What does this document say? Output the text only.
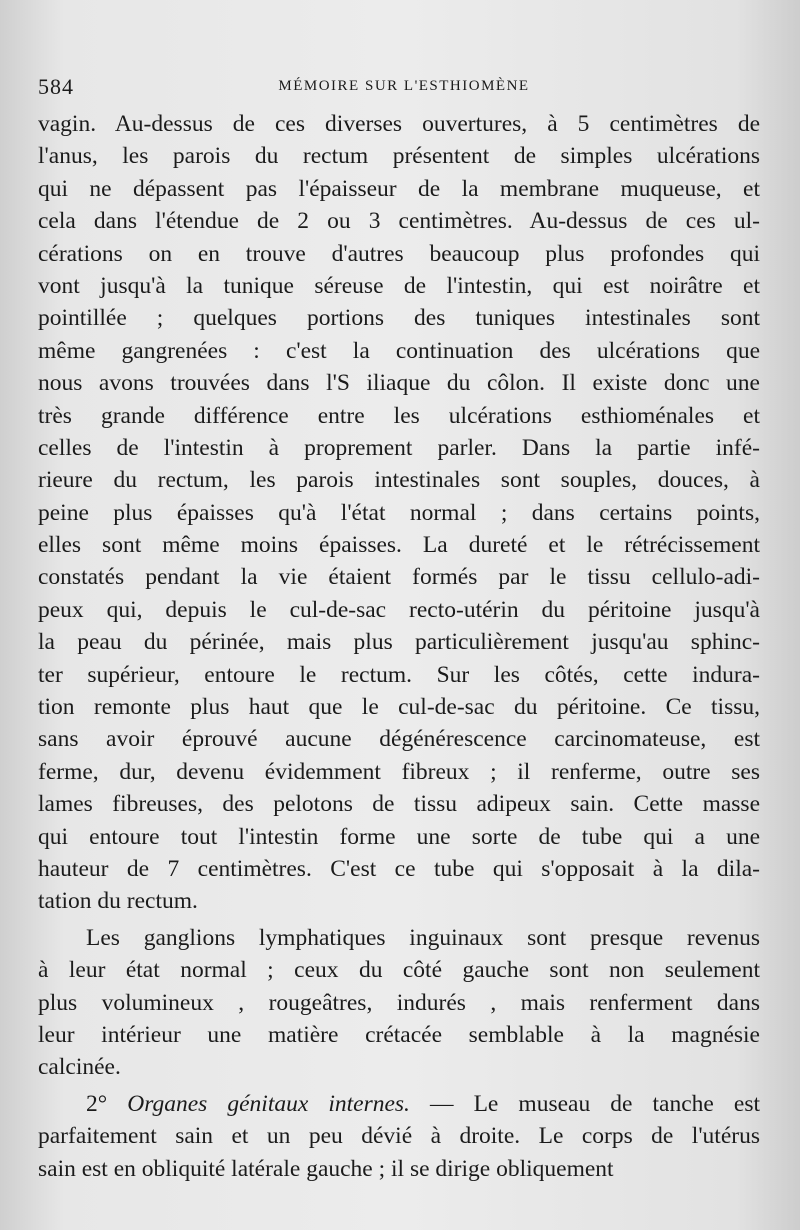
584	MÉMOIRE SUR L'ESTHIOMÈNE
vagin. Au-dessus de ces diverses ouvertures, à 5 centimètres de
l'anus, les parois du rectum présentent de simples ulcérations
qui ne dépassent pas l'épaisseur de la membrane muqueuse, et
cela dans l'étendue de 2 ou 3 centimètres. Au-dessus de ces ul-
cérations on en trouve d'autres beaucoup plus profondes qui
vont jusqu'à la tunique séreuse de l'intestin, qui est noirâtre et
pointillée ; quelques portions des tuniques intestinales sont
même gangrenées : c'est la continuation des ulcérations que
nous avons trouvées dans l'S iliaque du côlon. Il existe donc une
très grande différence entre les ulcérations esthioménales et
celles de l'intestin à proprement parler. Dans la partie infé-
rieure du rectum, les parois intestinales sont souples, douces, à
peine plus épaisses qu'à l'état normal ; dans certains points,
elles sont même moins épaisses. La dureté et le rétrécissement
constatés pendant la vie étaient formés par le tissu cellulo-adi-
peux qui, depuis le cul-de-sac recto-utérin du péritoine jusqu'à
la peau du périnée, mais plus particulièrement jusqu'au sphinc-
ter supérieur, entoure le rectum. Sur les côtés, cette indura-
tion remonte plus haut que le cul-de-sac du péritoine. Ce tissu,
sans avoir éprouvé aucune dégénérescence carcinomateuse, est
ferme, dur, devenu évidemment fibreux ; il renferme, outre ses
lames fibreuses, des pelotons de tissu adipeux sain. Cette masse
qui entoure tout l'intestin forme une sorte de tube qui a une
hauteur de 7 centimètres. C'est ce tube qui s'opposait à la dila-
tation du rectum.
Les ganglions lymphatiques inguinaux sont presque revenus
à leur état normal ; ceux du côté gauche sont non seulement
plus volumineux , rougeâtres, indurés , mais renferment dans
leur intérieur une matière crétacée semblable à la magnésie
calcinée.
2° Organes génitaux internes. — Le museau de tanche est
parfaitement sain et un peu dévié à droite. Le corps de l'utérus
sain est en obliquité latérale gauche ; il se dirige obliquement
